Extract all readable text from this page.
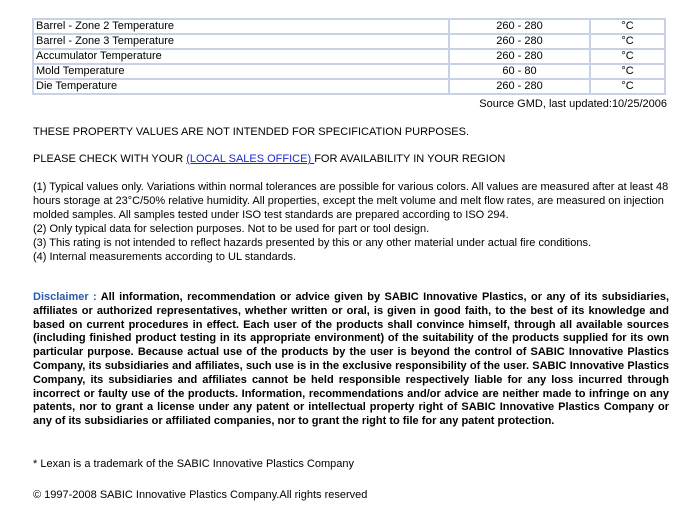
Barrel - Zone 2 Temperature	260 - 280	°C
Barrel - Zone 3 Temperature	260 - 280	°C
Accumulator Temperature	260 - 280	°C
Mold Temperature	60 - 80	°C
Die Temperature	260 - 280	°C
Source GMD, last updated:10/25/2006
THESE PROPERTY VALUES ARE NOT INTENDED FOR SPECIFICATION PURPOSES.
PLEASE CHECK WITH YOUR (LOCAL SALES OFFICE) FOR AVAILABILITY IN YOUR REGION
(1) Typical values only. Variations within normal tolerances are possible for various colors. All values are measured after at least 48 hours storage at 23°C/50% relative humidity. All properties, except the melt volume and melt flow rates, are measured on injection molded samples. All samples tested under ISO test standards are prepared according to ISO 294.
(2) Only typical data for selection purposes. Not to be used for part or tool design.
(3) This rating is not intended to reflect hazards presented by this or any other material under actual fire conditions.
(4) Internal measurements according to UL standards.
Disclaimer : All information, recommendation or advice given by SABIC Innovative Plastics, or any of its subsidiaries, affiliates or authorized representatives, whether written or oral, is given in good faith, to the best of its knowledge and based on current procedures in effect. Each user of the products shall convince himself, through all available sources (including finished product testing in its appropriate environment) of the suitability of the products supplied for its own particular purpose. Because actual use of the products by the user is beyond the control of SABIC Innovative Plastics Company, its subsidiaries and affiliates, such use is in the exclusive responsibility of the user. SABIC Innovative Plastics Company, its subsidiaries and affiliates cannot be held responsible respectively liable for any loss incurred through incorrect or faulty use of the products. Information, recommendations and/or advice are neither made to infringe on any patents, nor to grant a license under any patent or intellectual property right of SABIC Innovative Plastics Company or any of its subsidiaries or affiliated companies, nor to grant the right to file for any patent protection.
* Lexan is a trademark of the SABIC Innovative Plastics Company
© 1997-2008 SABIC Innovative Plastics Company.All rights reserved
